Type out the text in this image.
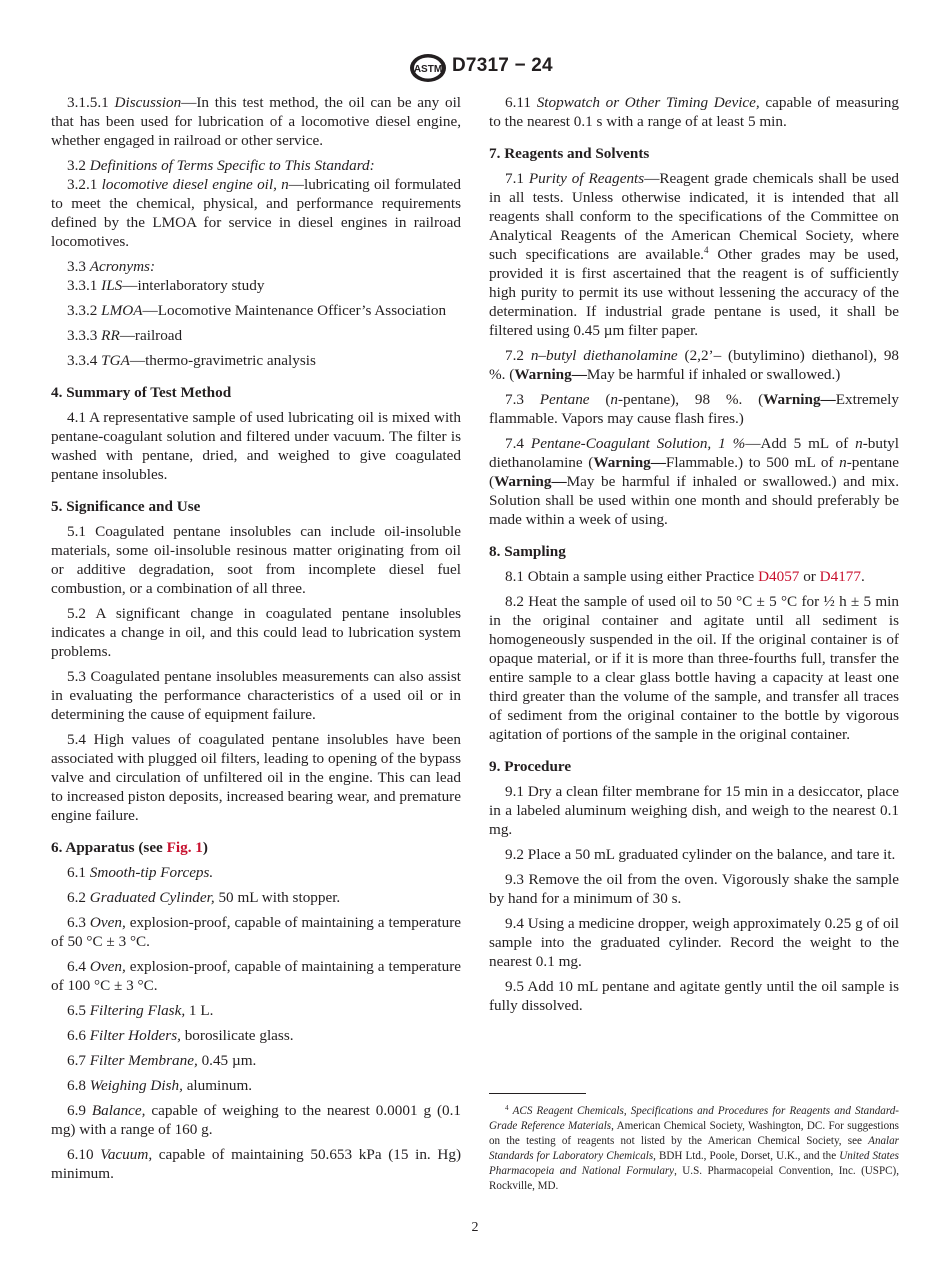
ASTM D7317 − 24

3.1.5.1 Discussion—In this test method, the oil can be any oil that has been used for lubrication of a locomotive diesel engine, whether engaged in railroad or other service.

3.2 Definitions of Terms Specific to This Standard:

3.2.1 locomotive diesel engine oil, n—lubricating oil formulated to meet the chemical, physical, and performance requirements defined by the LMOA for service in diesel engines in railroad locomotives.

3.3 Acronyms:

3.3.1 ILS—interlaboratory study

3.3.2 LMOA—Locomotive Maintenance Officer’s Association

3.3.3 RR—railroad

3.3.4 TGA—thermo-gravimetric analysis

4. Summary of Test Method

4.1 A representative sample of used lubricating oil is mixed with pentane-coagulant solution and filtered under vacuum. The filter is washed with pentane, dried, and weighed to give coagulated pentane insolubles.

5. Significance and Use

5.1 Coagulated pentane insolubles can include oil-insoluble materials, some oil-insoluble resinous matter originating from oil or additive degradation, soot from incomplete diesel fuel combustion, or a combination of all three.

5.2 A significant change in coagulated pentane insolubles indicates a change in oil, and this could lead to lubrication system problems.

5.3 Coagulated pentane insolubles measurements can also assist in evaluating the performance characteristics of a used oil or in determining the cause of equipment failure.

5.4 High values of coagulated pentane insolubles have been associated with plugged oil filters, leading to opening of the bypass valve and circulation of unfiltered oil in the engine. This can lead to increased piston deposits, increased bearing wear, and premature engine failure.

6. Apparatus (see Fig. 1)

6.1 Smooth-tip Forceps.

6.2 Graduated Cylinder, 50 mL with stopper.

6.3 Oven, explosion-proof, capable of maintaining a temperature of 50 °C ± 3 °C.

6.4 Oven, explosion-proof, capable of maintaining a temperature of 100 °C ± 3 °C.

6.5 Filtering Flask, 1 L.

6.6 Filter Holders, borosilicate glass.

6.7 Filter Membrane, 0.45 µm.

6.8 Weighing Dish, aluminum.

6.9 Balance, capable of weighing to the nearest 0.0001 g (0.1 mg) with a range of 160 g.

6.10 Vacuum, capable of maintaining 50.653 kPa (15 in. Hg) minimum.

6.11 Stopwatch or Other Timing Device, capable of measuring to the nearest 0.1 s with a range of at least 5 min.

7. Reagents and Solvents

7.1 Purity of Reagents—Reagent grade chemicals shall be used in all tests. Unless otherwise indicated, it is intended that all reagents shall conform to the specifications of the Committee on Analytical Reagents of the American Chemical Society, where such specifications are available.$^4$ Other grades may be used, provided it is first ascertained that the reagent is of sufficiently high purity to permit its use without lessening the accuracy of the determination. If industrial grade pentane is used, it shall be filtered using 0.45 µm filter paper.

7.2 n–butyl diethanolamine (2,2’– (butylimino) diethanol), 98 %. (Warning—May be harmful if inhaled or swallowed.)

7.3 Pentane (n-pentane), 98 %. (Warning—Extremely flammable. Vapors may cause flash fires.)

7.4 Pentane-Coagulant Solution, 1 %—Add 5 mL of n-butyl diethanolamine (Warning—Flammable.) to 500 mL of n-pentane (Warning—May be harmful if inhaled or swallowed.) and mix. Solution shall be used within one month and should preferably be made within a week of using.

8. Sampling

8.1 Obtain a sample using either Practice D4057 or D4177.

8.2 Heat the sample of used oil to 50 °C ± 5 °C for ½ h ± 5 min in the original container and agitate until all sediment is homogeneously suspended in the oil. If the original container is of opaque material, or if it is more than three-fourths full, transfer the entire sample to a clear glass bottle having a capacity at least one third greater than the volume of the sample, and transfer all traces of sediment from the original container to the bottle by vigorous agitation of portions of the sample in the original container.

9. Procedure

9.1 Dry a clean filter membrane for 15 min in a desiccator, place in a labeled aluminum weighing dish, and weigh to the nearest 0.1 mg.

9.2 Place a 50 mL graduated cylinder on the balance, and tare it.

9.3 Remove the oil from the oven. Vigorously shake the sample by hand for a minimum of 30 s.

9.4 Using a medicine dropper, weigh approximately 0.25 g of oil sample into the graduated cylinder. Record the weight to the nearest 0.1 mg.

9.5 Add 10 mL pentane and agitate gently until the oil sample is fully dissolved.

$^4$ ACS Reagent Chemicals, Specifications and Procedures for Reagents and Standard-Grade Reference Materials, American Chemical Society, Washington, DC. For suggestions on the testing of reagents not listed by the American Chemical Society, see Analar Standards for Laboratory Chemicals, BDH Ltd., Poole, Dorset, U.K., and the United States Pharmacopeia and National Formulary, U.S. Pharmacopeial Convention, Inc. (USPC), Rockville, MD.
2
